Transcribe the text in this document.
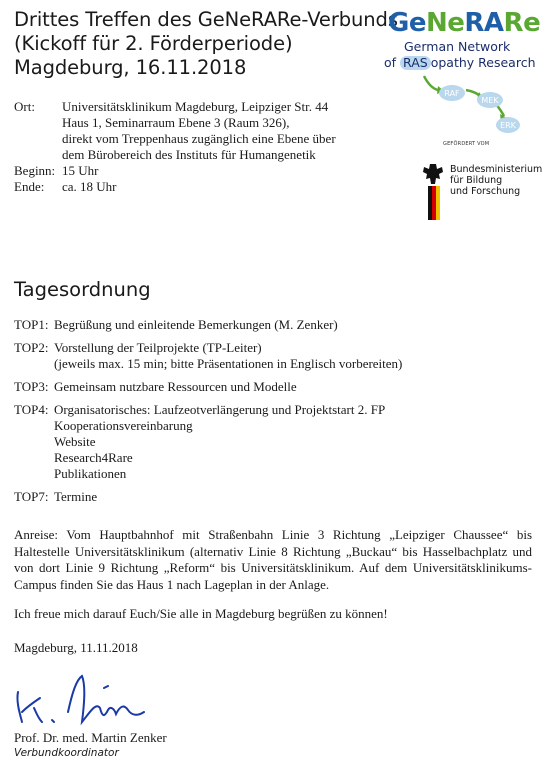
Drittes Treffen des GeNeRARe-Verbunds
(Kickoff für 2. Förderperiode)
Magdeburg, 16.11.2018
RAF
MEK
ERK
GeNeRARe
German Network
of RAS opathy Research
GEFÖRDERT VOM
Bundesministerium
für Bildung
und Forschung
Ort: Universitätsklinikum Magdeburg, Leipziger Str. 44
Haus 1, Seminarraum Ebene 3 (Raum 326),
direkt vom Treppenhaus zugänglich eine Ebene über
dem Bürobereich des Instituts für Humangenetik
Beginn: 15 Uhr
Ende: ca. 18 Uhr
Tagesordnung
TOP1: Begrüßung und einleitende Bemerkungen (M. Zenker)
TOP2: Vorstellung der Teilprojekte (TP-Leiter)
(jeweils max. 15 min; bitte Präsentationen in Englisch vorbereiten)
TOP3: Gemeinsam nutzbare Ressourcen und Modelle
TOP4: Organisatorisches: Laufzeotverlängerung und Projektstart 2. FP
Kooperationsvereinbarung
Website
Research4Rare
Publikationen
TOP7: Termine
Anreise: Vom Hauptbahnhof mit Straßenbahn Linie 3 Richtung „Leipziger Chaussee“ bis Haltestelle Universitätsklinikum (alternativ Linie 8 Richtung „Buckau“ bis Hasselbachplatz und von dort Linie 9 Richtung „Reform“ bis Universitätsklinikum. Auf dem Universitätsklinikums-Campus finden Sie das Haus 1 nach Lageplan in der Anlage.
Ich freue mich darauf Euch/Sie alle in Magdeburg begrüßen zu können!
Magdeburg, 11.11.2018
Prof. Dr. med. Martin Zenker
Verbundkoordinator
